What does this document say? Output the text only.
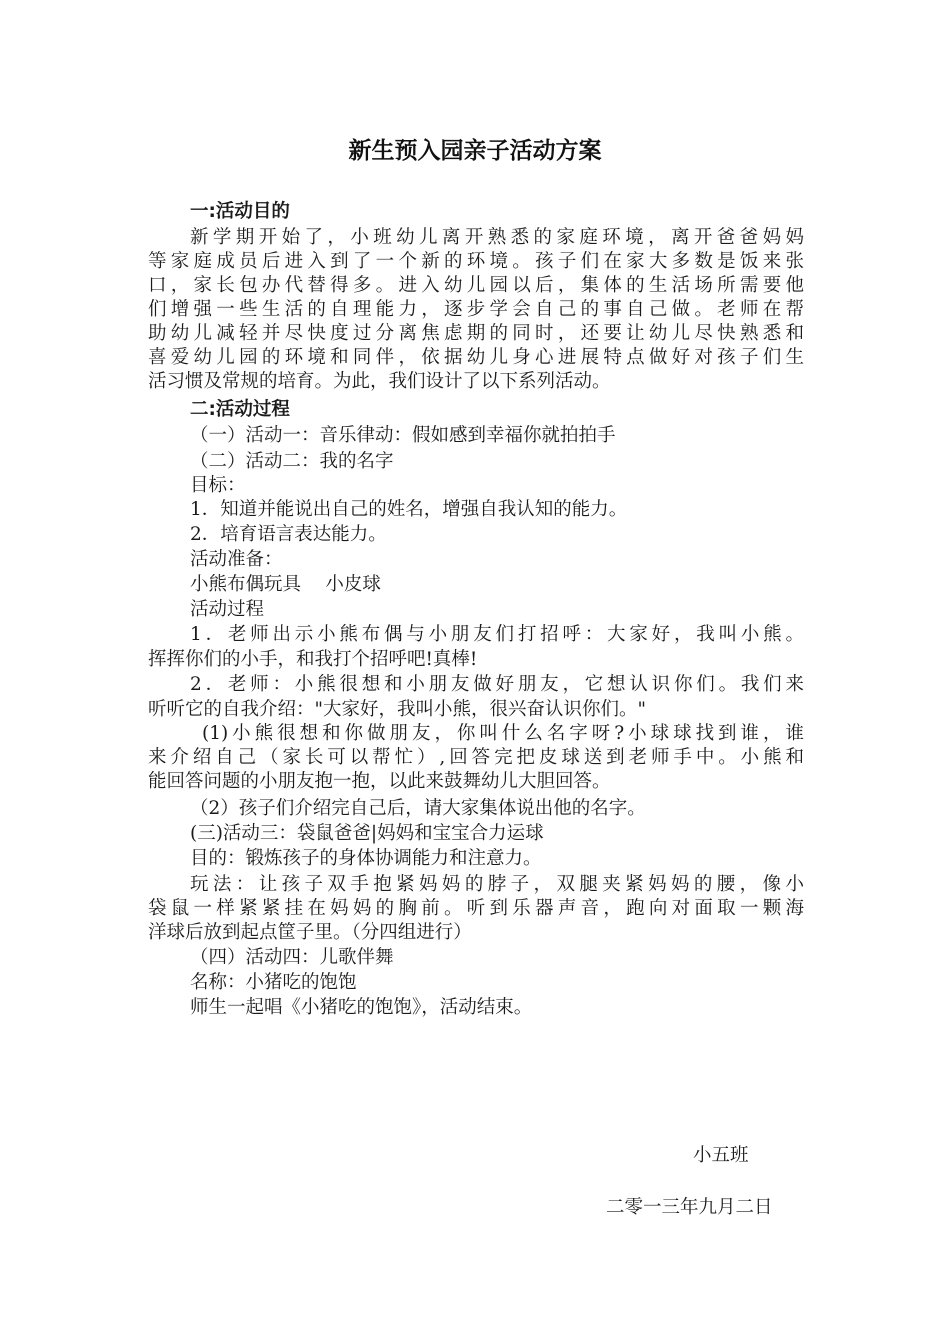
新生预入园亲子活动方案
一:活动目的
新学期开始了，小班幼儿离开熟悉的家庭环境，离开爸爸妈妈
等家庭成员后进入到了一个新的环境。孩子们在家大多数是饭来张
口，家长包办代替得多。进入幼儿园以后，集体的生活场所需要他
们增强一些生活的自理能力，逐步学会自己的事自己做。老师在帮
助幼儿减轻并尽快度过分离焦虑期的同时，还要让幼儿尽快熟悉和
喜爱幼儿园的环境和同伴，依据幼儿身心进展特点做好对孩子们生
活习惯及常规的培育。为此，我们设计了以下系列活动。
二:活动过程
（一）活动一：音乐律动：假如感到幸福你就拍拍手
（二）活动二：我的名字
目标：
1．知道并能说出自己的姓名，增强自我认知的能力。
2．培育语言表达能力。
活动准备：
小熊布偶玩具　 小皮球
活动过程
1．老师出示小熊布偶与小朋友们打招呼：大家好，我叫小熊。
挥挥你们的小手，和我打个招呼吧!真棒!
2．老师：小熊很想和小朋友做好朋友，它想认识你们。我们来
听听它的自我介绍："大家好，我叫小熊，很兴奋认识你们。"
(1)小熊很想和你做朋友，你叫什么名字呀?小球球找到谁，谁
来介绍自己（家长可以帮忙）,回答完把皮球送到老师手中。小熊和
能回答问题的小朋友抱一抱，以此来鼓舞幼儿大胆回答。
（2）孩子们介绍完自己后，请大家集体说出他的名字。
(三)活动三：袋鼠爸爸|妈妈和宝宝合力运球
目的：锻炼孩子的身体协调能力和注意力。
玩法：让孩子双手抱紧妈妈的脖子，双腿夹紧妈妈的腰，像小
袋鼠一样紧紧挂在妈妈的胸前。听到乐器声音，跑向对面取一颗海
洋球后放到起点筐子里。（分四组进行）
（四）活动四：儿歌伴舞
名称：小猪吃的饱饱
师生一起唱《小猪吃的饱饱》，活动结束。
小五班
二零一三年九月二日
